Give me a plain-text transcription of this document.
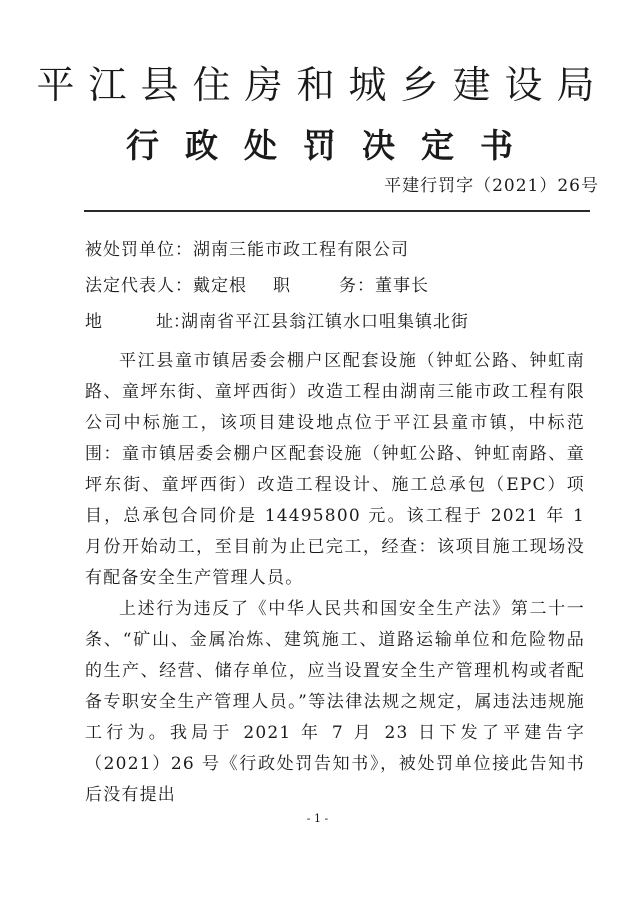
平江县住房和城乡建设局
行政处罚决定书
平建行罚字（2021）26号
被处罚单位：湖南三能市政工程有限公司
法定代表人：戴定根 职	务：董事长
地	址：湖南省平江县翁江镇水口咀集镇北街

平江县童市镇居委会棚户区配套设施（钟虹公路、钟虹南路、童坪东街、童坪西街）改造工程由湖南三能市政工程有限公司中标施工，该项目建设地点位于平江县童市镇，中标范围：童市镇居委会棚户区配套设施（钟虹公路、钟虹南路、童坪东街、童坪西街）改造工程设计、施工总承包（EPC）项目，总承包合同价是 14495800 元。该工程于 2021 年 1 月份开始动工，至目前为止已完工，经查：该项目施工现场没有配备安全生产管理人员。

上述行为违反了《中华人民共和国安全生产法》第二十一条、“矿山、金属冶炼、建筑施工、道路运输单位和危险物品的生产、经营、储存单位，应当设置安全生产管理机构或者配备专职安全生产管理人员。”等法律法规之规定，属违法违规施工行为。我局于 2021 年 7 月 23 日下发了平建告字（2021）26 号《行政处罚告知书》，被处罚单位接此告知书后没有提出

- 1 -
